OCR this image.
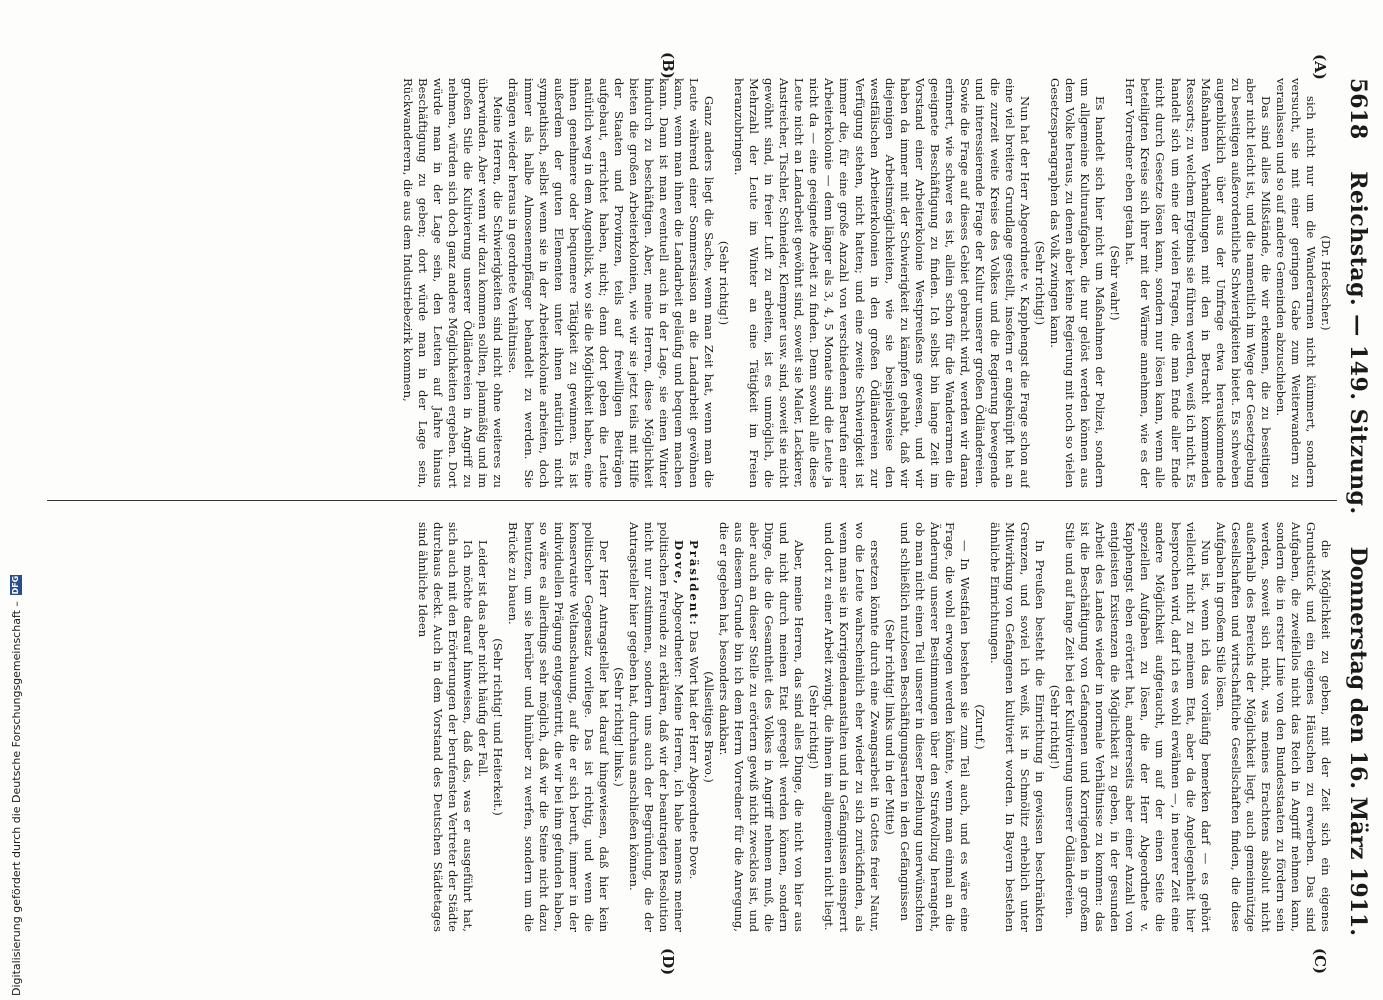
5618
Reichstag. — 149. Sitzung.
Donnerstag den 16. März 1911.
(A)
(B)
(C)
(D)

(Dr. Heckscher.)

sich nicht nur um die Wanderarmen nicht kümmert, sondern versucht, sie mit einer geringen Gabe zum Weiterwandern zu veranlassen und so auf andere Gemeinden abzuschieben.

Das sind alles Mißstände, die wir erkennen, die zu beseitigen aber nicht leicht ist, und die namentlich im Wege der Gesetzgebung zu beseitigen außerordentliche Schwierigkeiten bietet. Es schweben augenblicklich über aus der Umfrage etwa herauskommende Maßnahmen Verhandlungen mit den in Betracht kommenden Ressorts; zu welchem Ergebnis sie führen werden, weiß ich nicht. Es handelt sich um eine der vielen Fragen, die man Ende aller Ende nicht durch Gesetze lösen kann, sondern nur lösen kann, wenn alle beteiligten Kreise sich ihrer mit der Wärme annehmen, wie es der Herr Vorredner eben getan hat.

(Sehr wahr!)

Es handelt sich hier nicht um Maßnahmen der Polizei, sondern um allgemeine Kulturaufgaben, die nur gelöst werden können aus dem Volke heraus, zu denen aber keine Regierung mit noch so vielen Gesetzesparagraphen das Volk zwingen kann.

(Sehr richtig!)

Nun hat der Herr Abgeordnete v. Kapphengst die Frage schon auf eine viel breitere Grundlage gestellt, insofern er angeknüpft hat an die zurzeit weite Kreise des Volkes und die Regierung bewegende und interessierende Frage der Kultur unserer großen Ödländereien. Sowie die Frage auf dieses Gebiet gebracht wird, werden wir daran erinnert, wie schwer es ist, allein schon für die Wanderarmen die geeignete Beschäftigung zu finden. Ich selbst bin lange Zeit im Vorstand einer Arbeiterkolonie Westpreußens gewesen, und wir haben da immer mit der Schwierigkeit zu kämpfen gehabt, daß wir diejenigen Arbeitsmöglichkeiten, wie sie beispielsweise den westfälischen Arbeiterkolonien in den großen Ödländereien zur Verfügung stehen, nicht hatten; und eine zweite Schwierigkeit ist immer die, für eine große Anzahl von verschiedenen Berufen einer Arbeiterkolonie — denn länger als 3, 4, 5 Monate sind die Leute ja nicht da — eine geeignete Arbeit zu finden. Denn sowohl alle diese Leute nicht an Landarbeit gewöhnt sind, soweit sie Maler, Lackierer, Anstreicher, Tischler, Schneider, Klempner usw. sind, soweit sie nicht gewöhnt sind, in freier Luft zu arbeiten, ist es unmöglich, die Mehrzahl der Leute im Winter an eine Tätigkeit im Freien heranzubringen.

(Sehr richtig!)

Ganz anders liegt die Sache, wenn man Zeit hat, wenn man die Leute während einer Sommersaison an die Landarbeit gewöhnen kann, wenn man ihnen die Landarbeit geläufig und bequem machen kann. Dann ist man eventuell auch in der Lage, sie einen Winter hindurch zu beschäftigen. Aber, meine Herren, diese Möglichkeit bieten die großen Arbeiterkolonien, wie wir sie jetzt teils mit Hilfe der Staaten und Provinzen, teils auf freiwilligen Beiträgen aufgebaut, errichtet haben, nicht; denn dort geben die Leute natürlich weg in dem Augenblick, wo sie die Möglichkeit haben, eine ihnen genehmere oder bequemere Tätigkeit zu gewinnen. Es ist außerdem der guten Elementen unter ihnen natürlich nicht sympathisch, selbst wenn sie in der Arbeiterkolonie arbeiten, doch immer als halbe Almosenempfänger behandelt zu werden. Sie drängen wieder heraus in geordnete Verhältnisse.

Meine Herren, die Schwierigkeiten sind nicht ohne weiteres zu überwinden. Aber wenn wir dazu kommen sollten, planmäßig und im großen Stile die Kultivierung unserer Ödländereien in Angriff zu nehmen, würden sich doch ganz andere Möglichkeiten ergeben. Dort würde man in der Lage sein, den Leuten auf Jahre hinaus Beschäftigung zu geben; dort würde man in der Lage sein, Rückwanderern, die aus dem Industriebezirk kommen,

die Möglichkeit zu geben, mit der Zeit sich ein eigenes Grundstück und ein eigenes Häuschen zu erwerben. Das sind Aufgaben, die zweifellos nicht das Reich in Angriff nehmen kann, sondern die in erster Linie von den Bundesstaaten zu fördern sein werden, soweit sich nicht, was meines Erachtens absolut nicht außerhalb des Bereichs der Möglichkeit liegt, auch gemeinnützige Gesellschaften und wirtschaftliche Gesellschaften finden, die diese Aufgaben in großem Stile lösen.

Nun ist, wenn ich das vorläufig bemerken darf — es gehört vielleicht nicht zu meinem Etat, aber da die Angelegenheit hier besprochen wird, darf ich es wohl erwähnen —, in neuerer Zeit eine andere Möglichkeit aufgetaucht, um auf der einen Seite die speziellen Aufgaben zu lösen, die der Herr Abgeordnete v. Kapphengst eben erörtert hat, andererseits aber einer Anzahl von entgleisten Existenzen die Möglichkeit zu geben, in der gesunden Arbeit des Landes wieder in normale Verhältnisse zu kommen: das ist die Beschäftigung von Gefangenen und Korrigenden in großem Stile und auf lange Zeit bei der Kultivierung unserer Ödländereien.

(Sehr richtig!)

In Preußen besteht die Einrichtung in gewissen beschränkten Grenzen, und soviel ich weiß, ist in Schmölitz erheblich unter Mitwirkung von Gefangenen kultiviert worden. In Bayern bestehen ähnliche Einrichtungen.

(Zuruf.)

— In Westfalen bestehen sie zum Teil auch, und es wäre eine Frage, die wohl erwogen werden könnte, wenn man einmal an die Änderung unserer Bestimmungen über den Strafvollzug herangeht, ob man nicht einen Teil unserer in dieser Beziehung unerwünschten und schließlich nutzlosen Beschäftigungsarten in den Gefängnissen

(Sehr richtig! links und in der Mitte)

ersetzen könnte durch eine Zwangsarbeit in Gottes freier Natur, wo die Leute wahrscheinlich eher wieder zu sich zurückfinden, als wenn man sie in Korrigendenanstalten und in Gefängnissen einsperrt und dort zu einer Arbeit zwingt, die ihnen im allgemeinen nicht liegt.

(Sehr richtig!)

Aber, meine Herren, das sind alles Dinge, die nicht von hier aus und nicht durch meinen Etat geregelt werden können, sondern Dinge, die die Gesamtheit des Volkes in Angriff nehmen muß, die aber auch an dieser Stelle zu erörtern gewiß nicht zwecklos ist, und aus diesem Grunde bin ich dem Herrn Vorredner für die Anregung, die er gegeben hat, besonders dankbar.

(Allseitiges Bravo.)

Präsident: Das Wort hat der Herr Abgeordnete Dove.

Dove, Abgeordneter: Meine Herren, ich habe namens meiner politischen Freunde zu erklären, daß wir der beantragten Resolution nicht nur zustimmen, sondern uns auch der Begründung, die der Antragsteller hier gegeben hat, durchaus anschließen können.

(Sehr richtig! links.)

Der Herr Antragsteller hat darauf hingewiesen, daß hier kein politischer Gegensatz vorliege. Das ist richtig, und wenn die konservative Weltanschauung, auf die er sich beruft, immer in der individuellen Prägung entgegentritt, die wir bei ihm gefunden haben, so wäre es allerdings sehr möglich, daß wir die Steine nicht dazu benutzen, um sie herüber und hinüber zu werfen, sondern um die Brücke zu bauen.

(Sehr richtig! und Heiterkeit.)

Leider ist das aber nicht häufig der Fall.

Ich möchte darauf hinweisen, daß das, was er ausgeführt hat, sich auch mit den Erörterungen der berufensten Vertreter der Städte durchaus deckt. Auch in dem Vorstand des Deutschen Städtetages sind ähnliche Ideen

Digitalisierung gefördert durch die Deutsche Forschungsgemeinschaft –
DFG
